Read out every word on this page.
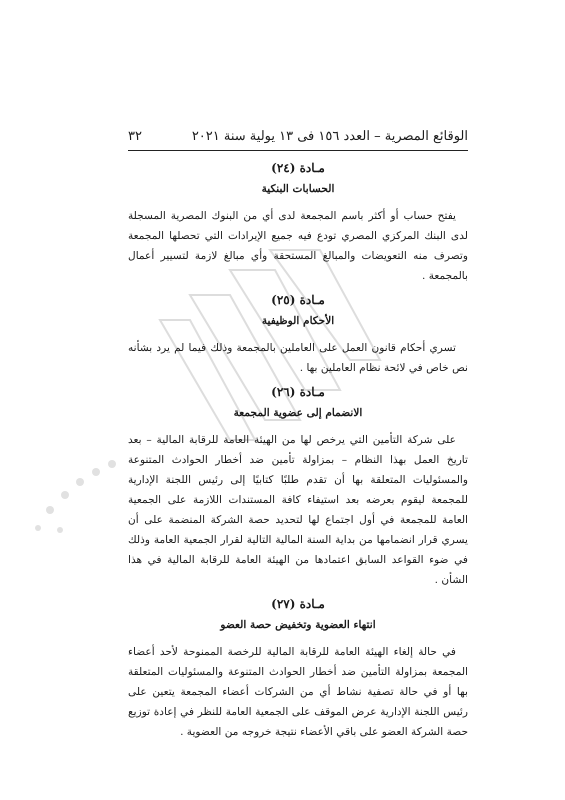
الوقائع المصرية – العدد ١٥٦ فى ١٣ يولية سنة ٢٠٢١
٣٢
مـادة (٢٤)
الحسابات البنكية

يفتح حساب أو أكثر باسم المجمعة لدى أي من البنوك المصرية المسجلة لدى البنك المركزي المصري تودع فيه جميع الإيرادات التي تحصلها المجمعة وتصرف منه التعويضات والمبالغ المستحقة وأي مبالغ لازمة لتسيير أعمال بالمجمعة .

مـادة (٢٥)
الأحكام الوظيفية

تسري أحكام قانون العمل على العاملين بالمجمعة وذلك فيما لم يرد بشأنه نص خاص في لائحة نظام العاملين بها .

مـادة (٢٦)
الانضمام إلى عضوية المجمعة

على شركة التأمين التي يرخص لها من الهيئة العامة للرقابة المالية – بعد تاريخ العمل بهذا النظام – بمزاولة تأمين ضد أخطار الحوادث المتنوعة والمسئوليات المتعلقة بها أن تقدم طلبًا كتابيًا إلى رئيس اللجنة الإدارية للمجمعة ليقوم بعرضه بعد استيفاء كافة المستندات اللازمة على الجمعية العامة للمجمعة في أول اجتماع لها لتحديد حصة الشركة المنضمة على أن يسري قرار انضمامها من بداية السنة المالية التالية لقرار الجمعية العامة وذلك في ضوء القواعد السابق اعتمادها من الهيئة العامة للرقابة المالية في هذا الشأن .

مـادة (٢٧)
انتهاء العضوية وتخفيض حصة العضو

في حالة إلغاء الهيئة العامة للرقابة المالية للرخصة الممنوحة لأحد أعضاء المجمعة بمزاولة التأمين ضد أخطار الحوادث المتنوعة والمسئوليات المتعلقة بها أو في حالة تصفية نشاط أي من الشركات أعضاء المجمعة يتعين على رئيس اللجنة الإدارية عرض الموقف على الجمعية العامة للنظر في إعادة توزيع حصة الشركة العضو على باقي الأعضاء نتيجة خروجه من العضوية .
